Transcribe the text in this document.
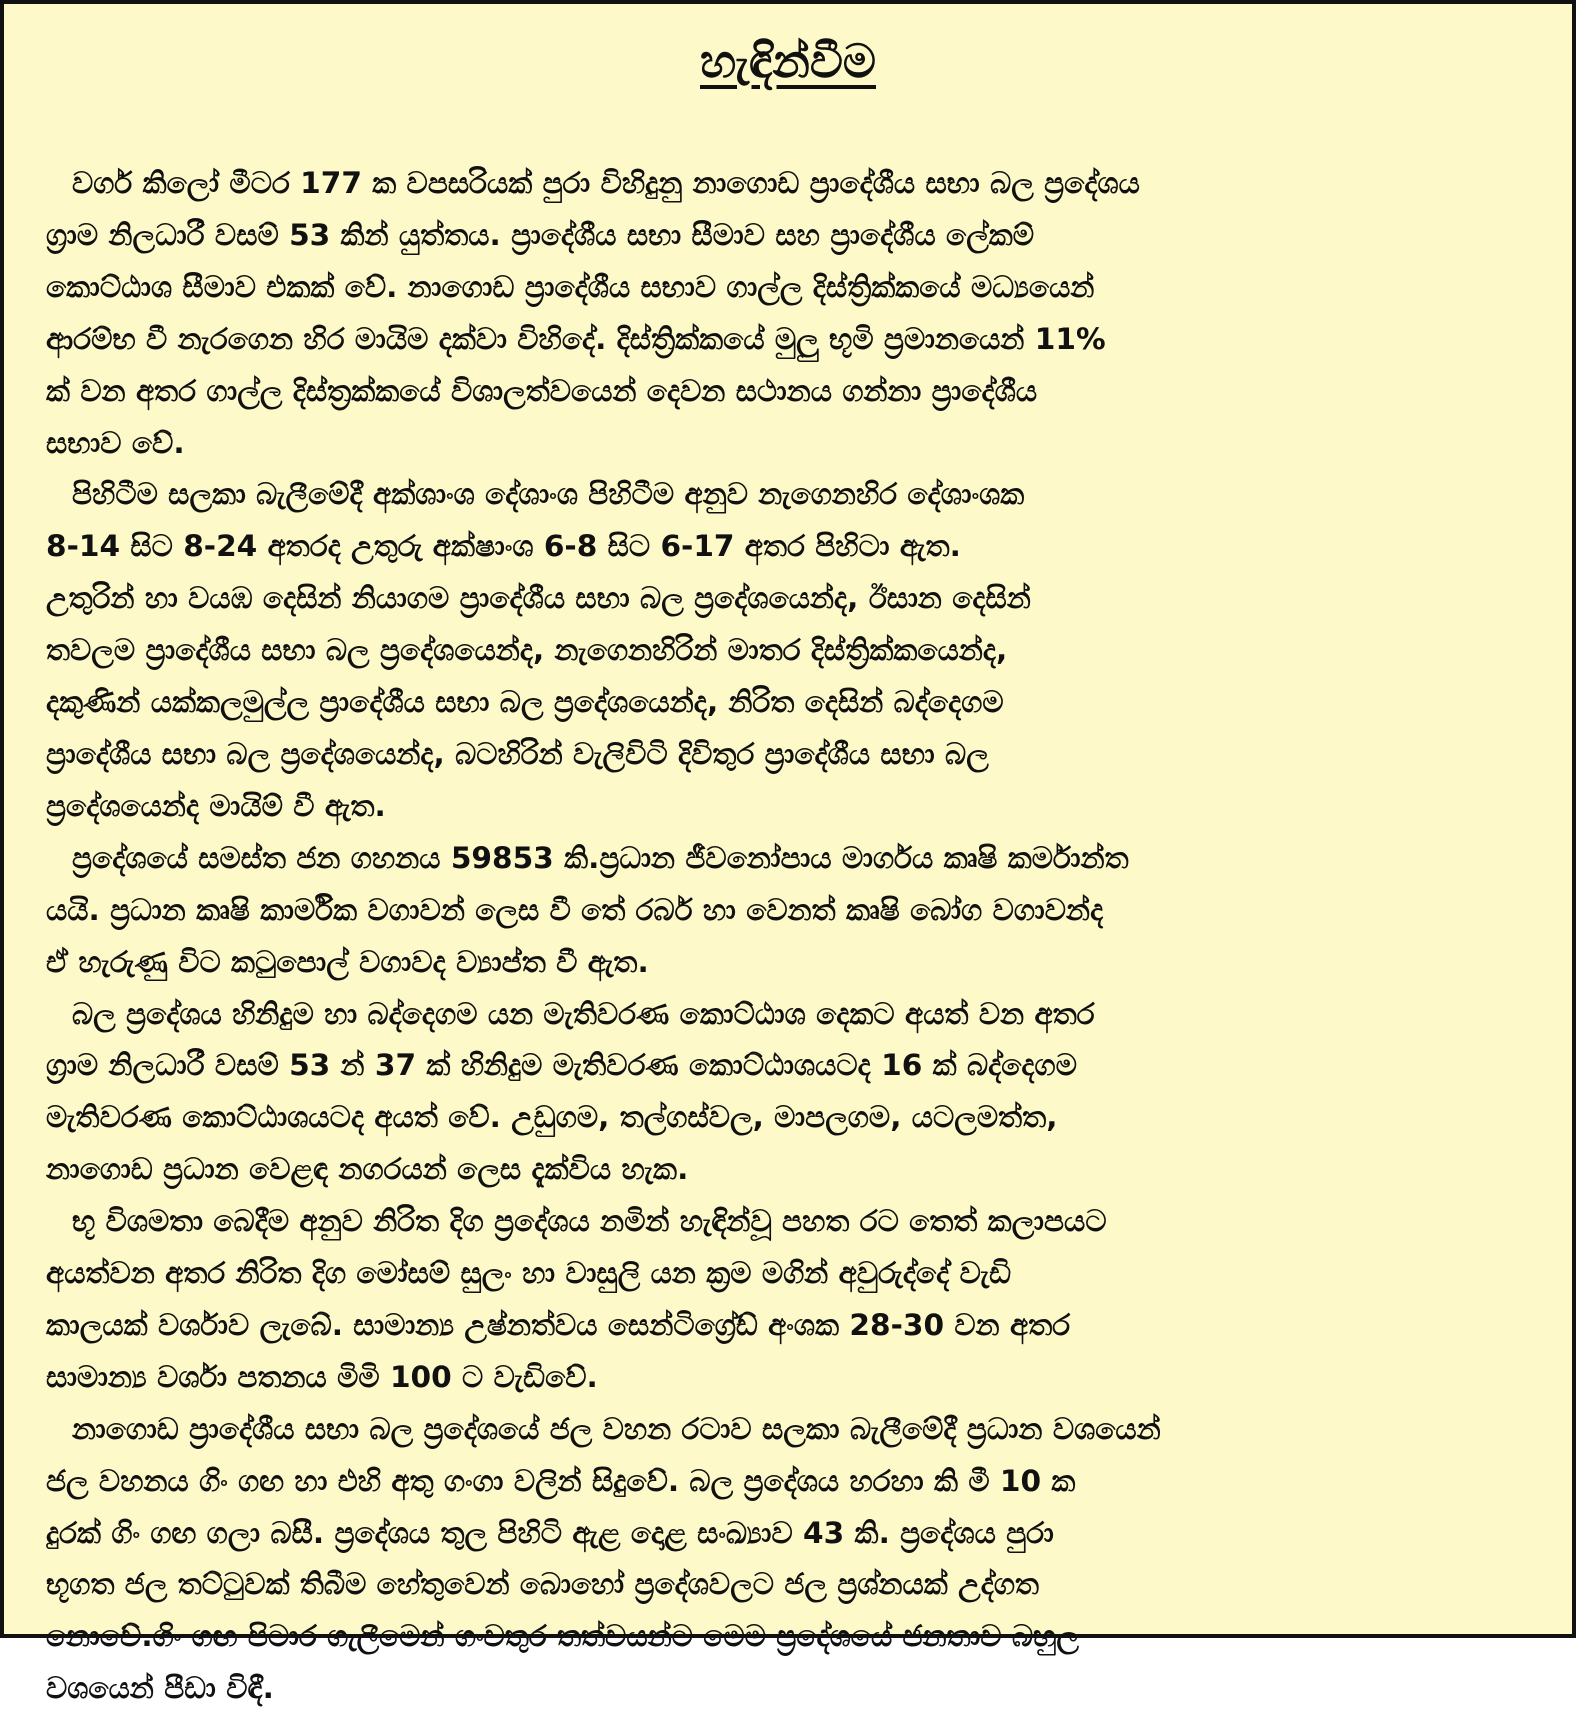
හැඳින්වීම
වර්ග කිලෝ මීටර 177 ක වපසරියක් පුරා විහිදුනු නාගොඩ ප්‍රාදේශීය සභා බල ප්‍රදේශය
ග්‍රාම නිලධාරී වසම් 53 කින් යුත්තය. ප්‍රාදේශීය සභා සීමාව සහ ප්‍රාදේශීය ලේකම්
කොට්ඨාශ සීමාව එකක් වේ. නාගොඩ ප්‍රාදේශීය සභාව ගාල්ල දිස්ත්‍රික්කයේ මධ්‍යයෙන්
ආරම්භ වී නැරගෙන හිර මායිම දක්වා විහිදේ. දිස්ත්‍රික්කයේ මුලු භූමි ප්‍රමානයෙන් 11%
ක් වන අතර ගාල්ල දිස්ත්‍රක්කයේ විශාලත්වයෙන් දෙවන සථානය ගන්නා ප්‍රාදේශීය
සභාව වේ.
පිහිටීම සලකා බැලීමේදී අක්ශාංශ දේශාංශ පිහිටීම අනුව නැගෙනහිර දේශාංශක
8-14 සිට 8-24 අතරද උතුරු අක්ෂාංශ 6-8 සිට 6-17 අතර පිහිටා ඇත.
උතුරින් හා වයඹ දෙසින් නියාගම ප්‍රාදේශීය සභා බල ප්‍රදේශයෙන්ද, ඊසාන දෙසින්
තවලම ප්‍රාදේශීය සභා බල ප්‍රදේශයෙන්ද, නැගෙනහිරින් මාතර දිස්ත්‍රික්කයෙන්ද,
දකුණින් යක්කලමුල්ල ප්‍රාදේශීය සභා බල ප්‍රදේශයෙන්ද, නිරිත දෙසින් බද්දෙගම
ප්‍රාදේශීය සභා බල ප්‍රදේශයෙන්ද, බටහිරින් වැලිවිටි දිවිතුර ප්‍රාදේශීය සභා බල
ප්‍රදේශයෙන්ද මායිම් වී ඇත.
ප්‍රදේශයේ සමස්ත ජන ගහනය 59853 කි.ප්‍රධාන ජීවනෝපාය මාර්ගය කෘෂි කර්මාන්ත
යයි. ප්‍රධාන කෘෂි කාර්මික වගාවන් ලෙස වී තේ රබර් හා වෙනත් කෘෂි බෝග වගාවන්ද
ඒ හැරුණු විට කටුපොල් වගාවද ව්‍යාප්ත වී ඇත.
බල ප්‍රදේශය හිනිදුම හා බද්දෙගම යන මැතිවරණ කොට්ඨාශ දෙකට අයත් වන අතර
ග්‍රාම නිලධාරී වසම් 53 න් 37 ක් හිනිදුම මැතිවරණ කොට්ඨාශයටද 16 ක් බද්දෙගම
මැතිවරණ කොට්ඨාශයටද අයත් වේ. උඩුගම, තල්ගස්වල, මාපලගම, යටලමත්ත,
නාගොඩ ප්‍රධාන වෙළඳ නගරයන් ලෙස දැක්විය හැක.
භූ විශමතා බෙදීම අනුව නිරිත දිග ප්‍රදේශය නමින් හැඳින්වූ පහත රට තෙත් කලාපයට
අයත්වන අතර නිරිත දිග මෝසම් සුලං හා වාසුලි යන ක්‍රම මගින් අවුරුද්දේ වැඩි
කාලයක් වර්ශාව ලැබේ. සාමාන්‍ය උෂ්නත්වය සෙන්ටිග්‍රේඩ් අංශක 28-30 වන අතර
සාමාන්‍ය වර්ශා පතනය මිමි 100 ට වැඩිවේ.
නාගොඩ ප්‍රාදේශීය සභා බල ප්‍රදේශයේ ජල වහන රටාව සලකා බැලීමේදී ප්‍රධාන වශයෙන්
ජල වහනය ගිං ගඟ හා එහි අතු ගංගා වලින් සිදුවේ. බල ප්‍රදේශය හරහා කි මී 10 ක
දුරක් ගිං ගඟ ගලා බසී. ප්‍රදේශය තුල පිහිටි ඇළ දොළ සංඛ්‍යාව 43 කි. ප්‍රදේශය පුරා
භූගත ජල තට්ටුවක් තිබීම හේතුවෙන් බොහෝ ප්‍රදේශවලට ජල ප්‍රශ්නයක් උද්ගත
නොවේ.ගිං ගඟ පිටාර ගැලීමෙන් ගංවතුර තත්වයන්ට මෙම ප්‍රදේශයේ ජනතාව බහුල
වශයෙන් පීඩා විඳී.
